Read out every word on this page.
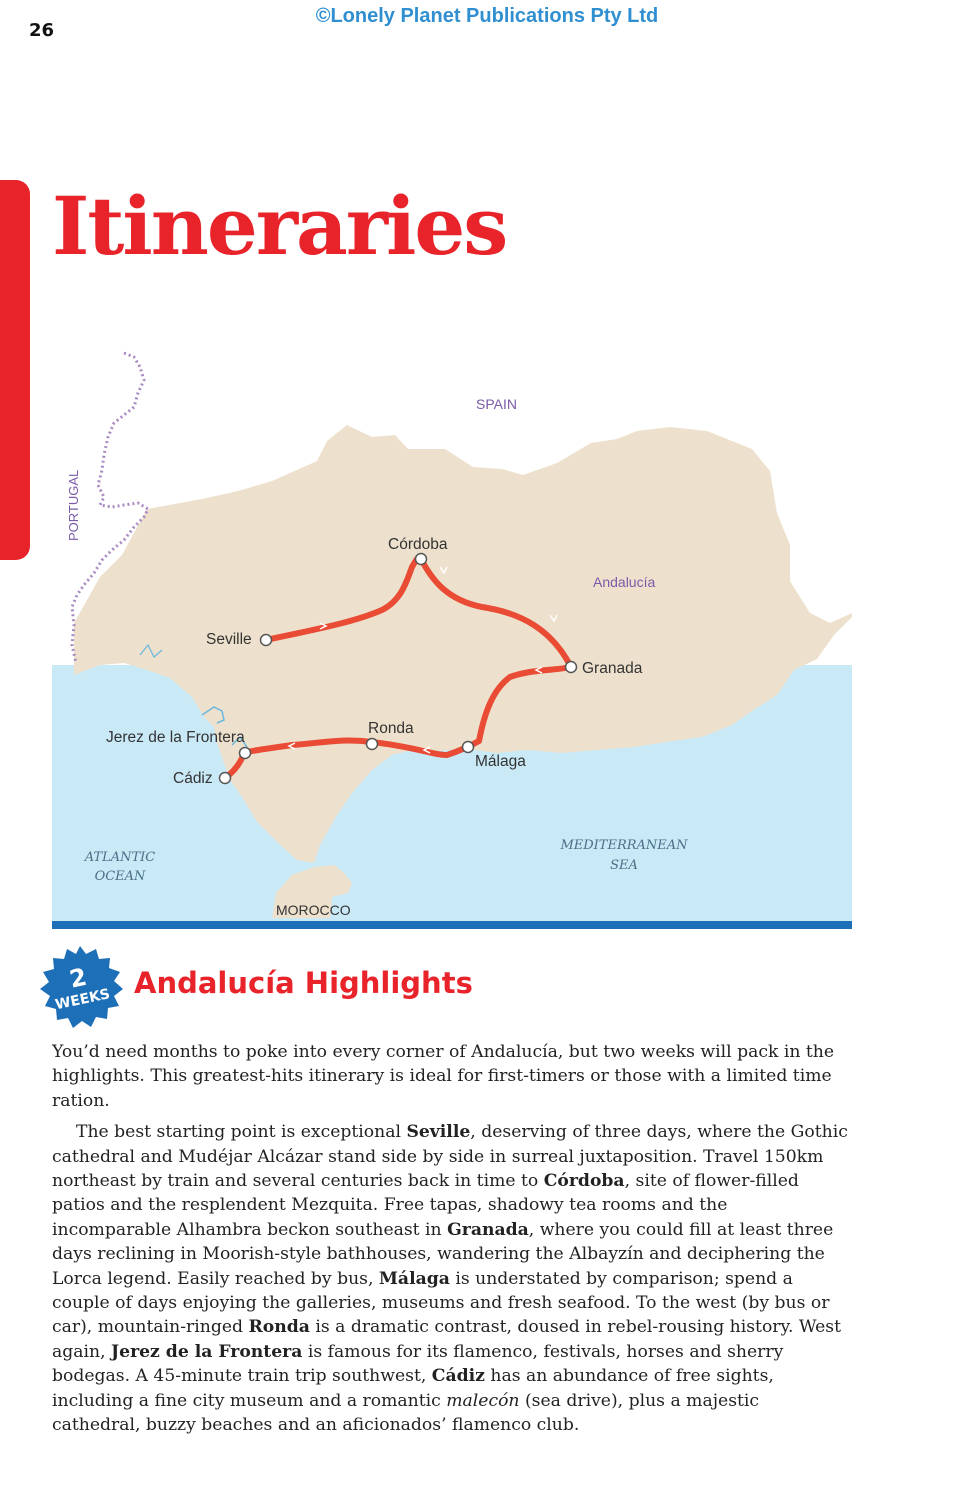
26
©Lonely Planet Publications Pty Ltd
Itineraries
SPAIN
PORTUGAL
Andalucía
Córdoba
Seville
Granada
Ronda
Jerez de la Frontera
Málaga
Cádiz
MOROCCO
ATLANTIC
OCEAN
MEDITERRANEAN
SEA
2
WEEKS Andalucía Highlights

You’d need months to poke into every corner of Andalucía, but two weeks will pack in the highlights. This greatest-hits itinerary is ideal for first-timers or those with a limited time ration.

The best starting point is exceptional Seville, deserving of three days, where the Gothic cathedral and Mudéjar Alcázar stand side by side in surreal juxtaposition. Travel 150km northeast by train and several centuries back in time to Córdoba, site of flower-filled patios and the resplendent Mezquita. Free tapas, shadowy tea rooms and the incomparable Alhambra beckon southeast in Granada, where you could fill at least three days reclining in Moorish-style bathhouses, wandering the Albayzín and deciphering the Lorca legend. Easily reached by bus, Málaga is understated by comparison; spend a couple of days enjoying the galleries, museums and fresh seafood. To the west (by bus or car), mountain-ringed Ronda is a dramatic contrast, doused in rebel-rousing history. West again, Jerez de la Frontera is famous for its flamenco, festivals, horses and sherry bodegas. A 45-minute train trip southwest, Cádiz has an abundance of free sights, including a fine city museum and a romantic malecón (sea drive), plus a majestic cathedral, buzzy beaches and an aficionados’ flamenco club.
